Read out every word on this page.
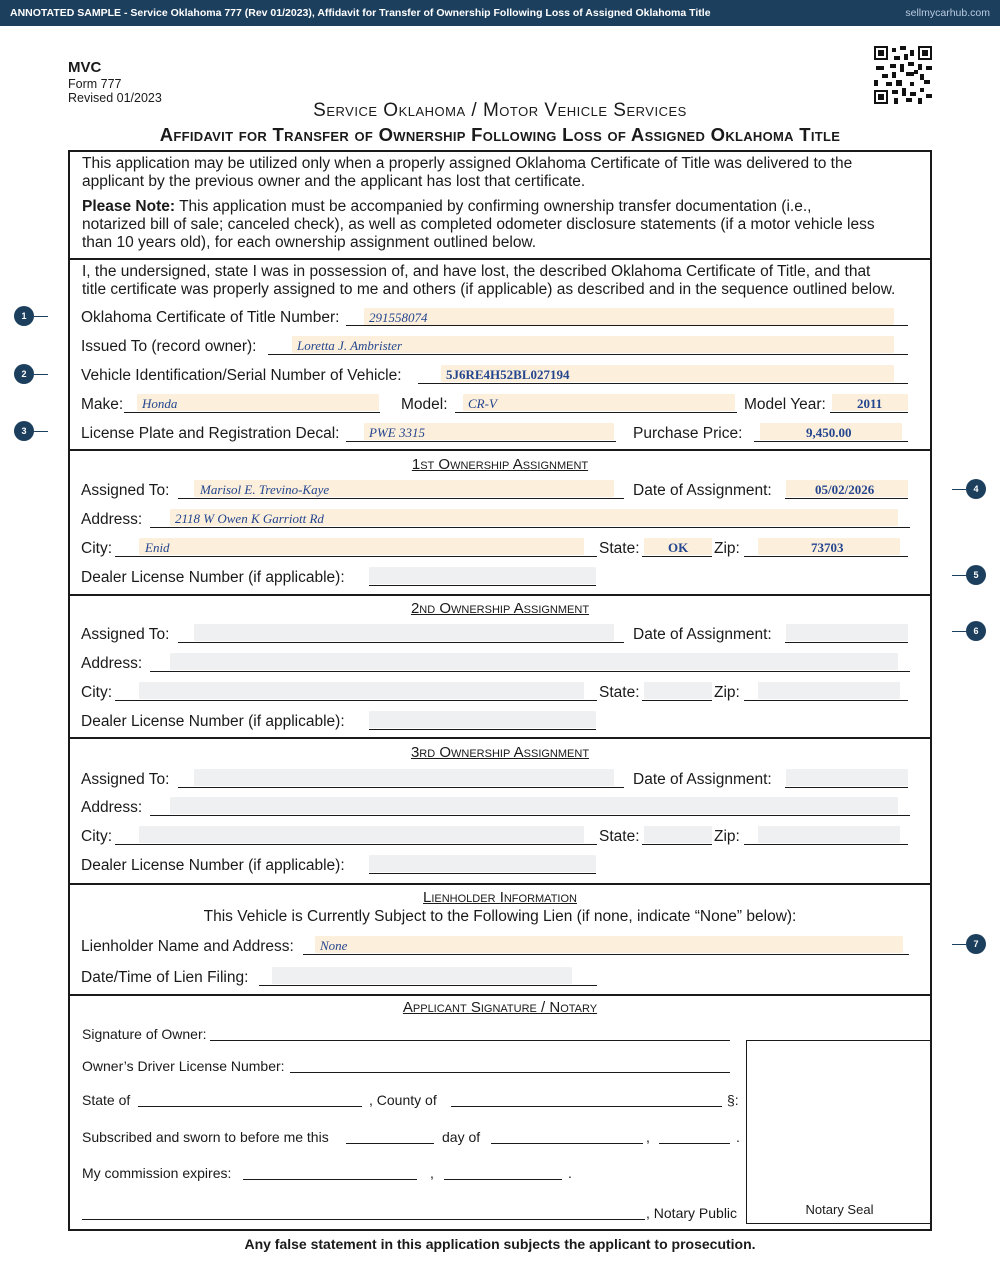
ANNOTATED SAMPLE - Service Oklahoma 777 (Rev 01/2023), Affidavit for Transfer of Ownership Following Loss of Assigned Oklahoma Title	sellmycarhub.com
MVC
Form 777
Revised 01/2023
Service Oklahoma / Motor Vehicle Services
Affidavit for Transfer of Ownership Following Loss of Assigned Oklahoma Title
This application may be utilized only when a properly assigned Oklahoma Certificate of Title was delivered to the
applicant by the previous owner and the applicant has lost that certificate.
Please Note: This application must be accompanied by confirming ownership transfer documentation (i.e.,
notarized bill of sale; canceled check), as well as completed odometer disclosure statements (if a motor vehicle less
than 10 years old), for each ownership assignment outlined below.
I, the undersigned, state I was in possession of, and have lost, the described Oklahoma Certificate of Title, and that
title certificate was properly assigned to me and others (if applicable) as described and in the sequence outlined below.
Oklahoma Certificate of Title Number: 291558074
Issued To (record owner):	Loretta J. Ambrister
Vehicle Identification/Serial Number of Vehicle:	5J6RE4H52BL027194
Make: Honda	Model: CR-V	Model Year: 2011
License Plate and Registration Decal: PWE 3315	Purchase Price:	9,450.00
1st Ownership Assignment
Assigned To: Marisol E. Trevino-Kaye	Date of Assignment:	05/02/2026
Address:	2118 W Owen K Garriott Rd
City:	Enid	State: OK Zip:	73703
Dealer License Number (if applicable):
2nd Ownership Assignment
Assigned To:	Date of Assignment:
Address:
City:	State:	Zip:
Dealer License Number (if applicable):
3rd Ownership Assignment
Assigned To:	Date of Assignment:
Address:
City:	State:	Zip:
Dealer License Number (if applicable):
Lienholder Information
This Vehicle is Currently Subject to the Following Lien (if none, indicate “None” below):
Lienholder Name and Address: None
Date/Time of Lien Filing:
Applicant Signature / Notary
Signature of Owner:
Owner’s Driver License Number:
State of	, County of	§:
Subscribed and sworn to before me this	day of	,	.
My commission expires:	,	.
, Notary Public	Notary Seal
1
2
3
4
5
6
7
Any false statement in this application subjects the applicant to prosecution.
